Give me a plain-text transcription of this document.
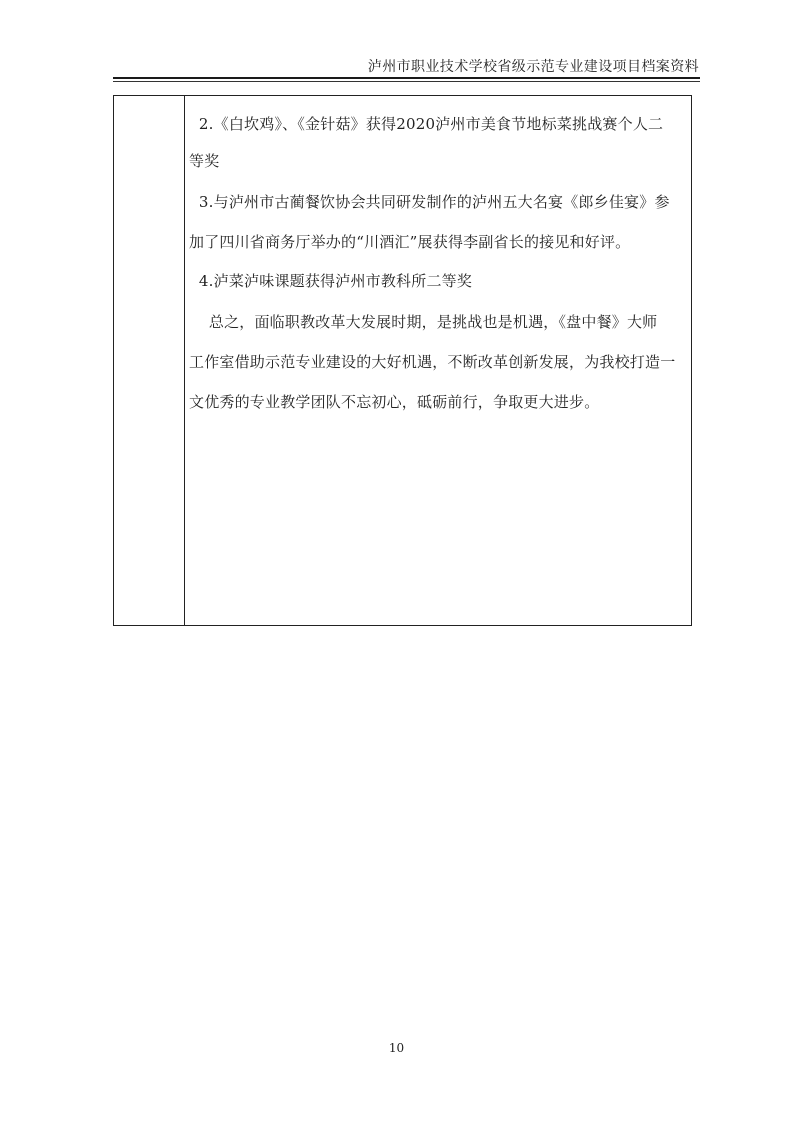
泸州市职业技术学校省级示范专业建设项目档案资料
2.《白坎鸡》、《金针菇》获得2020泸州市美食节地标菜挑战赛个人二
等奖
3.与泸州市古蔺餐饮协会共同研发制作的泸州五大名宴《郎乡佳宴》参
加了四川省商务厅举办的“川酒汇”展获得李副省长的接见和好评。
4.泸菜泸味课题获得泸州市教科所二等奖
总之，面临职教改革大发展时期，是挑战也是机遇，《盘中餐》大师
工作室借助示范专业建设的大好机遇，不断改革创新发展，为我校打造一
文优秀的专业教学团队不忘初心，砥砺前行，争取更大进步。
10
